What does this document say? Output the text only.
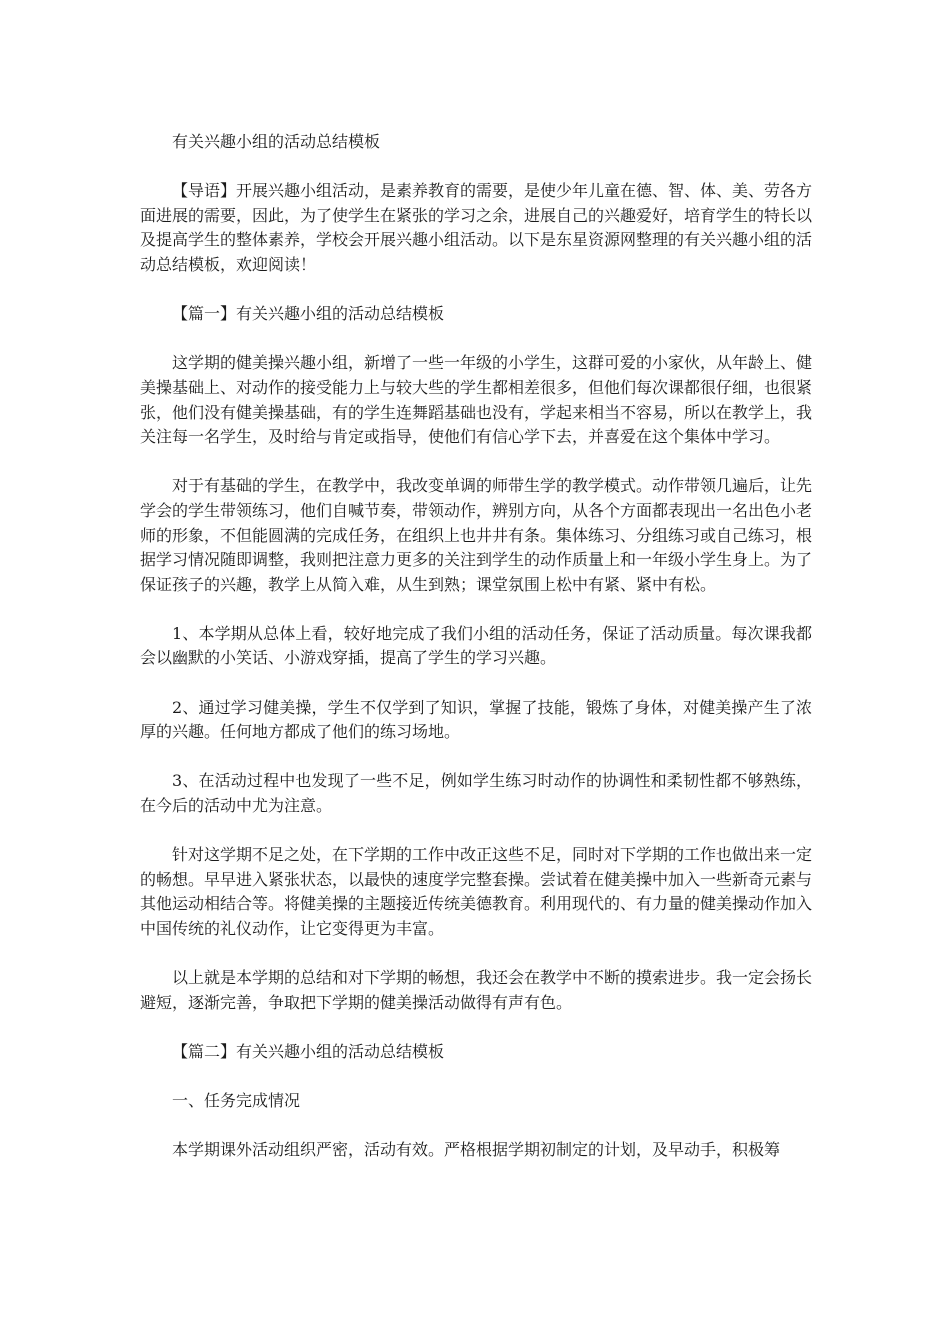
有关兴趣小组的活动总结模板
【导语】开展兴趣小组活动，是素养教育的需要，是使少年儿童在德、智、体、美、劳各方面进展的需要，因此，为了使学生在紧张的学习之余，进展自己的兴趣爱好，培育学生的特长以及提高学生的整体素养，学校会开展兴趣小组活动。以下是东星资源网整理的有关兴趣小组的活动总结模板，欢迎阅读！
【篇一】有关兴趣小组的活动总结模板
这学期的健美操兴趣小组，新增了一些一年级的小学生，这群可爱的小家伙，从年龄上、健美操基础上、对动作的接受能力上与较大些的学生都相差很多，但他们每次课都很仔细，也很紧张，他们没有健美操基础，有的学生连舞蹈基础也没有，学起来相当不容易，所以在教学上，我关注每一名学生，及时给与肯定或指导，使他们有信心学下去，并喜爱在这个集体中学习。
对于有基础的学生，在教学中，我改变单调的师带生学的教学模式。动作带领几遍后，让先学会的学生带领练习，他们自喊节奏，带领动作，辨别方向，从各个方面都表现出一名出色小老师的形象，不但能圆满的完成任务，在组织上也井井有条。集体练习、分组练习或自己练习，根据学习情况随即调整，我则把注意力更多的关注到学生的动作质量上和一年级小学生身上。为了保证孩子的兴趣，教学上从简入难，从生到熟；课堂氛围上松中有紧、紧中有松。
1、本学期从总体上看，较好地完成了我们小组的活动任务，保证了活动质量。每次课我都会以幽默的小笑话、小游戏穿插，提高了学生的学习兴趣。
2、通过学习健美操，学生不仅学到了知识，掌握了技能，锻炼了身体，对健美操产生了浓厚的兴趣。任何地方都成了他们的练习场地。
3、在活动过程中也发现了一些不足，例如学生练习时动作的协调性和柔韧性都不够熟练，在今后的活动中尤为注意。
针对这学期不足之处，在下学期的工作中改正这些不足，同时对下学期的工作也做出来一定的畅想。早早进入紧张状态，以最快的速度学完整套操。尝试着在健美操中加入一些新奇元素与其他运动相结合等。将健美操的主题接近传统美德教育。利用现代的、有力量的健美操动作加入中国传统的礼仪动作，让它变得更为丰富。
以上就是本学期的总结和对下学期的畅想，我还会在教学中不断的摸索进步。我一定会扬长避短，逐渐完善，争取把下学期的健美操活动做得有声有色。
【篇二】有关兴趣小组的活动总结模板
一、任务完成情况
本学期课外活动组织严密，活动有效。严格根据学期初制定的计划，及早动手，积极筹
